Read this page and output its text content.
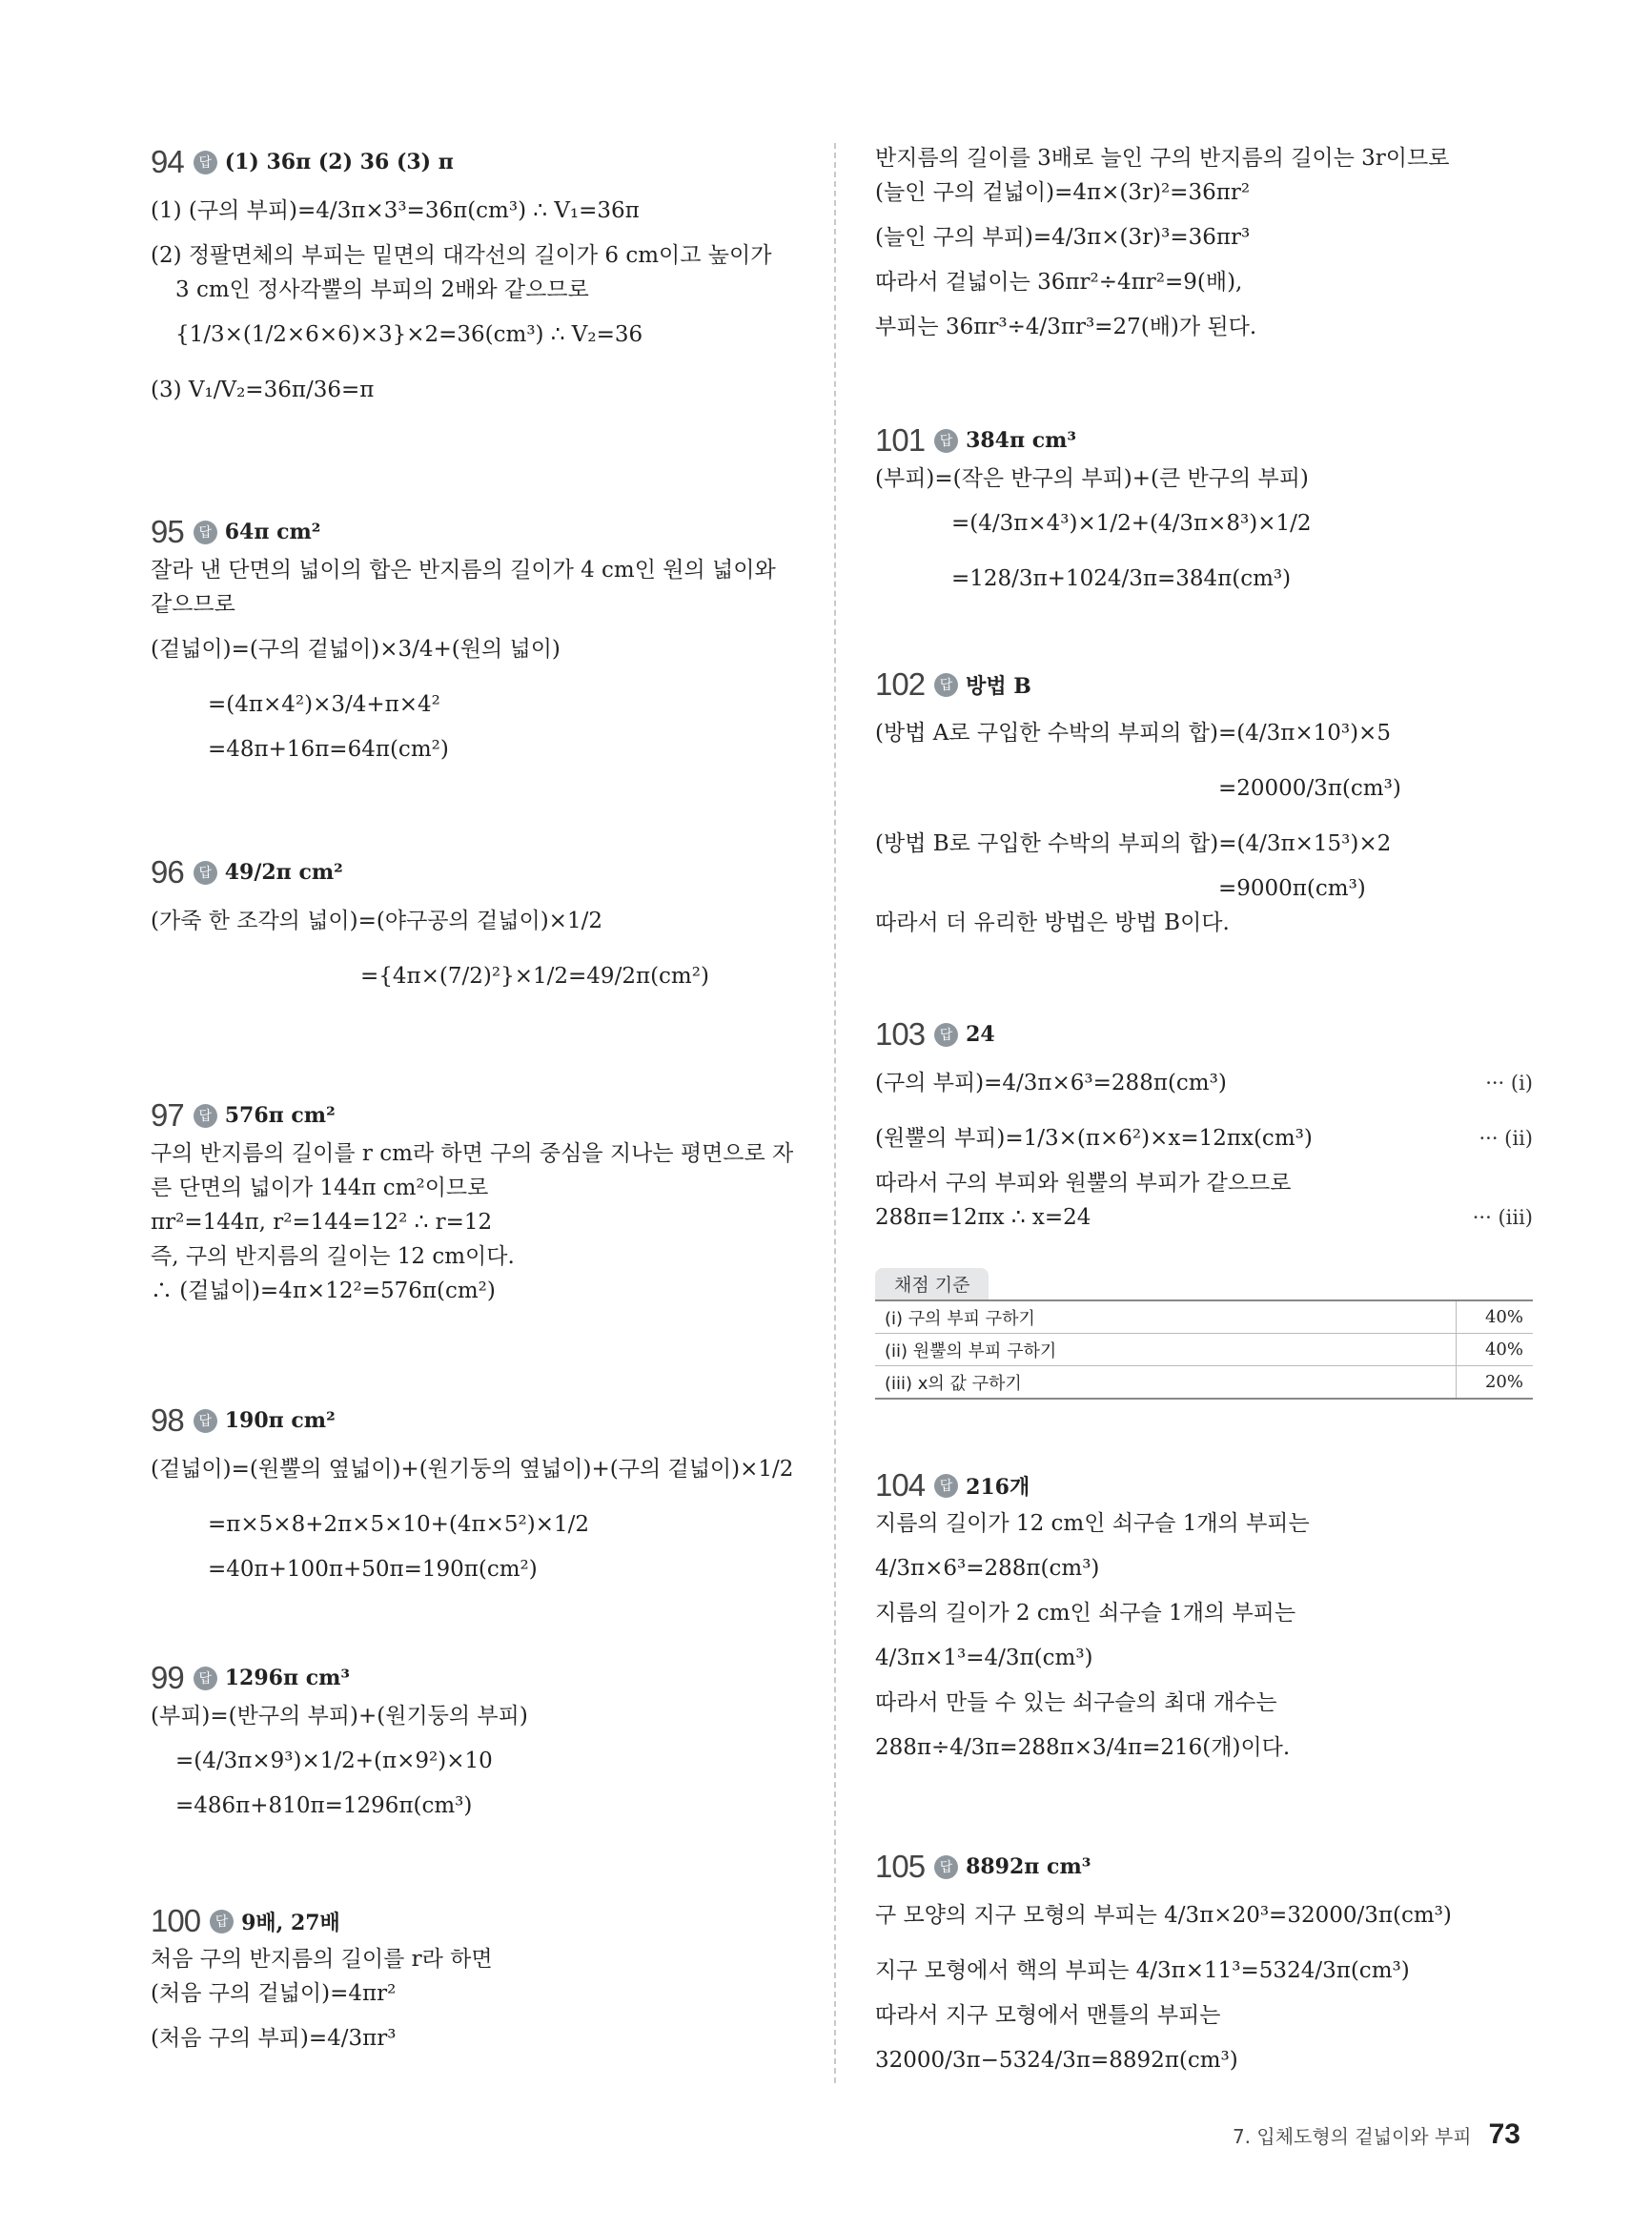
94	답 (1) 36π (2) 36 (3) π
(1) (구의 부피)=4/3π×3³=36π(cm³) ∴ V₁=36π
(2) 정팔면체의 부피는 밑면의 대각선의 길이가 6 cm이고 높이가
3 cm인 정사각뿔의 부피의 2배와 같으므로
{1/3×(1/2×6×6)×3}×2=36(cm³) ∴ V₂=36
(3) V₁/V₂=36π/36=π
95	답 64π cm²
잘라 낸 단면의 넓이의 합은 반지름의 길이가 4 cm인 원의 넓이와
같으므로
(겉넓이)=(구의 겉넓이)×3/4+(원의 넓이)
=(4π×4²)×3/4+π×4²
=48π+16π=64π(cm²)
96	답 49/2π cm²
(가죽 한 조각의 넓이)=(야구공의 겉넓이)×1/2
={4π×(7/2)²}×1/2=49/2π(cm²)
97	답 576π cm²
구의 반지름의 길이를 r cm라 하면 구의 중심을 지나는 평면으로 자
른 단면의 넓이가 144π cm²이므로
πr²=144π, r²=144=12² ∴ r=12
즉, 구의 반지름의 길이는 12 cm이다.
∴ (겉넓이)=4π×12²=576π(cm²)
98	답 190π cm²
(겉넓이)=(원뿔의 옆넓이)+(원기둥의 옆넓이)+(구의 겉넓이)×1/2
=π×5×8+2π×5×10+(4π×5²)×1/2
=40π+100π+50π=190π(cm²)
99	답 1296π cm³
(부피)=(반구의 부피)+(원기둥의 부피)
=(4/3π×9³)×1/2+(π×9²)×10
=486π+810π=1296π(cm³)
100	답 9배, 27배
처음 구의 반지름의 길이를 r라 하면
(처음 구의 겉넓이)=4πr²
(처음 구의 부피)=4/3πr³
반지름의 길이를 3배로 늘인 구의 반지름의 길이는 3r이므로
(늘인 구의 겉넓이)=4π×(3r)²=36πr²
(늘인 구의 부피)=4/3π×(3r)³=36πr³
따라서 겉넓이는 36πr²÷4πr²=9(배),
부피는 36πr³÷4/3πr³=27(배)가 된다.
101	답 384π cm³
(부피)=(작은 반구의 부피)+(큰 반구의 부피)
=(4/3π×4³)×1/2+(4/3π×8³)×1/2
=128/3π+1024/3π=384π(cm³)
102	답 방법 B
(방법 A로 구입한 수박의 부피의 합)=(4/3π×10³)×5
=20000/3π(cm³)
(방법 B로 구입한 수박의 부피의 합)=(4/3π×15³)×2
=9000π(cm³)
따라서 더 유리한 방법은 방법 B이다.
103	답 24
(구의 부피)=4/3π×6³=288π(cm³)	··· (i)
(원뿔의 부피)=1/3×(π×6²)×x=12πx(cm³)	··· (ii)
따라서 구의 부피와 원뿔의 부피가 같으므로
288π=12πx ∴ x=24	··· (iii)
채점 기준
(i) 구의 부피 구하기	40%
(ii) 원뿔의 부피 구하기	40%
(iii) x의 값 구하기	20%
104	답 216개
지름의 길이가 12 cm인 쇠구슬 1개의 부피는
4/3π×6³=288π(cm³)
지름의 길이가 2 cm인 쇠구슬 1개의 부피는
4/3π×1³=4/3π(cm³)
따라서 만들 수 있는 쇠구슬의 최대 개수는
288π÷4/3π=288π×3/4π=216(개)이다.
105	답 8892π cm³
구 모양의 지구 모형의 부피는 4/3π×20³=32000/3π(cm³)
지구 모형에서 핵의 부피는 4/3π×11³=5324/3π(cm³)
따라서 지구 모형에서 맨틀의 부피는
32000/3π−5324/3π=8892π(cm³)
7. 입체도형의 겉넓이와 부피 73
